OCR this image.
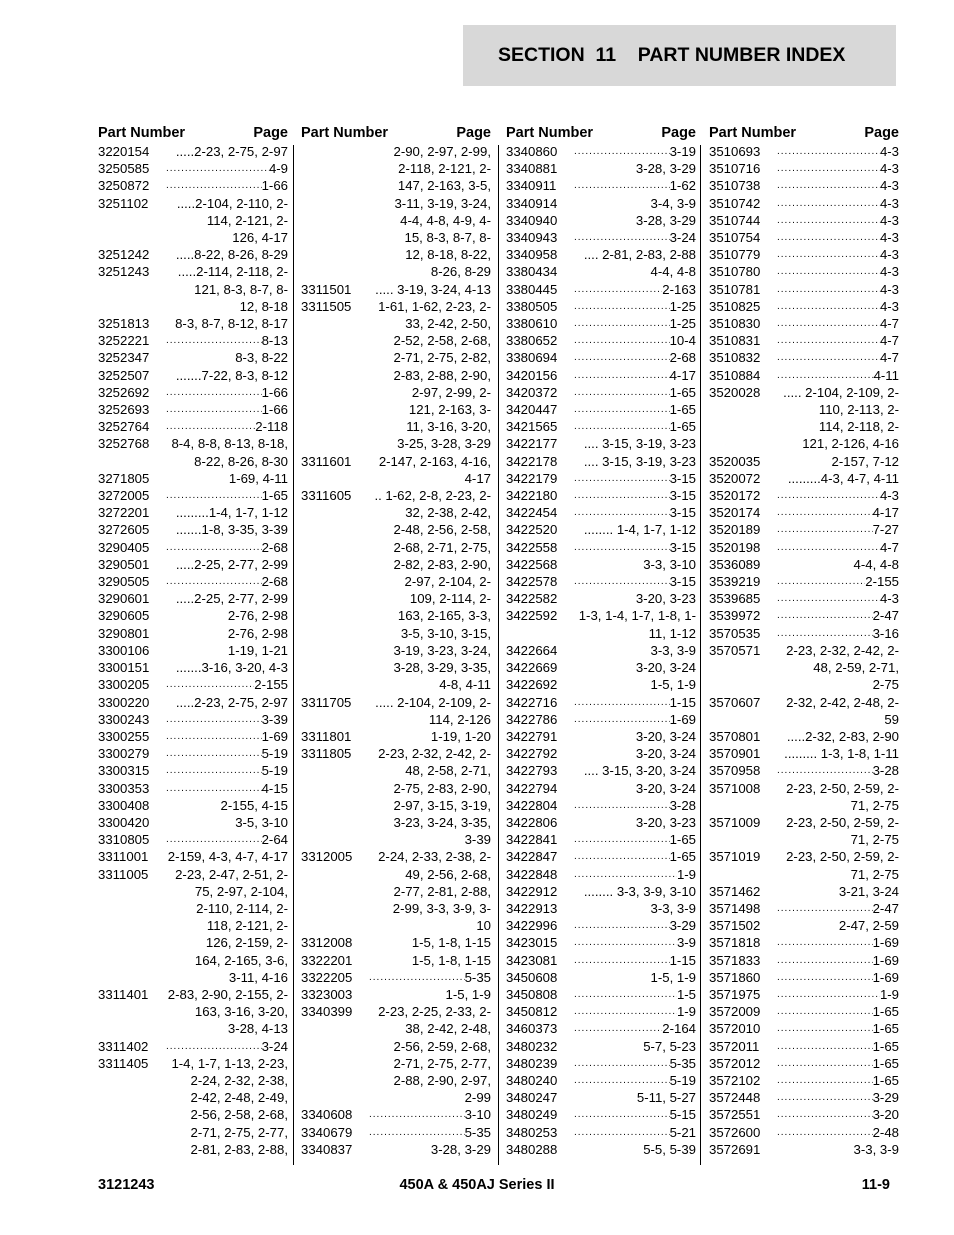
SECTION  11    PART NUMBER INDEX
Part Number	Page
3220154	.....2-23, 2-75, 2-97
3250585 .....	4-9
3250872 .....	1-66
3251102	.....2-104, 2-110, 2-
114, 2-121, 2-
126, 4-17
3251242	.....8-22, 8-26, 8-29
3251243	.....2-114, 2-118, 2-
121, 8-3, 8-7, 8-
12, 8-18
3251813	8-3, 8-7, 8-12, 8-17
3252221 .....	8-13
3252347	8-3, 8-22
3252507	.......7-22, 8-3, 8-12
3252692 .....	1-66
3252693 .....	1-66
3252764 .....	2-118
3252768	8-4, 8-8, 8-13, 8-18,
8-22, 8-26, 8-30
3271805	1-69, 4-11
3272005 .....	1-65
3272201	.........1-4, 1-7, 1-12
3272605	.......1-8, 3-35, 3-39
3290405 .....	2-68
3290501	.....2-25, 2-77, 2-99
3290505 .....	2-68
3290601	.....2-25, 2-77, 2-99
3290605	2-76, 2-98
3290801	2-76, 2-98
3300106	1-19, 1-21
3300151	.......3-16, 3-20, 4-3
3300205 .....	2-155
3300220	.....2-23, 2-75, 2-97
3300243 .....	3-39
3300255 .....	1-69
3300279 .....	5-19
3300315 .....	5-19
3300353 .....	4-15
3300408	2-155, 4-15
3300420	3-5, 3-10
3310805 .....	2-64
3311001	2-159, 4-3, 4-7, 4-17
3311005	2-23, 2-47, 2-51, 2-
75, 2-97, 2-104,
2-110, 2-114, 2-
118, 2-121, 2-
126, 2-159, 2-
164, 2-165, 3-6,
3-11, 4-16
3311401	2-83, 2-90, 2-155, 2-
163, 3-16, 3-20,
3-28, 4-13
3311402 .....	3-24
3311405	1-4, 1-7, 1-13, 2-23,
2-24, 2-32, 2-38,
2-42, 2-48, 2-49,
2-56, 2-58, 2-68,
2-71, 2-75, 2-77,
2-81, 2-83, 2-88,
Part Number	Page
2-90, 2-97, 2-99,
2-118, 2-121, 2-
147, 2-163, 3-5,
3-11, 3-19, 3-24,
4-4, 4-8, 4-9, 4-
15, 8-3, 8-7, 8-
12, 8-18, 8-22,
8-26, 8-29
3311501	..... 3-19, 3-24, 4-13
3311505	1-61, 1-62, 2-23, 2-
33, 2-42, 2-50,
2-52, 2-58, 2-68,
2-71, 2-75, 2-82,
2-83, 2-88, 2-90,
2-97, 2-99, 2-
121, 2-163, 3-
11, 3-16, 3-20,
3-25, 3-28, 3-29
3311601	2-147, 2-163, 4-16,
4-17
3311605	.. 1-62, 2-8, 2-23, 2-
32, 2-38, 2-42,
2-48, 2-56, 2-58,
2-68, 2-71, 2-75,
2-82, 2-83, 2-90,
2-97, 2-104, 2-
109, 2-114, 2-
163, 2-165, 3-3,
3-5, 3-10, 3-15,
3-19, 3-23, 3-24,
3-28, 3-29, 3-35,
4-8, 4-11
3311705	..... 2-104, 2-109, 2-
114, 2-126
3311801	1-19, 1-20
3311805	2-23, 2-32, 2-42, 2-
48, 2-58, 2-71,
2-75, 2-83, 2-90,
2-97, 3-15, 3-19,
3-23, 3-24, 3-35,
3-39
3312005	2-24, 2-33, 2-38, 2-
49, 2-56, 2-68,
2-77, 2-81, 2-88,
2-99, 3-3, 3-9, 3-
10
3312008	1-5, 1-8, 1-15
3322201	1-5, 1-8, 1-15
3322205 .....	5-35
3323003	1-5, 1-9
3340399	2-23, 2-25, 2-33, 2-
38, 2-42, 2-48,
2-56, 2-59, 2-68,
2-71, 2-75, 2-77,
2-88, 2-90, 2-97,
2-99
3340608 .....	3-10
3340679 .....	5-35
3340837	3-28, 3-29
Part Number	Page
3340860 .....	3-19
3340881	3-28, 3-29
3340911 .....	1-62
3340914	3-4, 3-9
3340940	3-28, 3-29
3340943 .....	3-24
3340958	.... 2-81, 2-83, 2-88
3380434	4-4, 4-8
3380445 .....	2-163
3380505 .....	1-25
3380610 .....	1-25
3380652 .....	10-4
3380694 .....	2-68
3420156 .....	4-17
3420372 .....	1-65
3420447 .....	1-65
3421565 .....	1-65
3422177	.... 3-15, 3-19, 3-23
3422178	.... 3-15, 3-19, 3-23
3422179 .....	3-15
3422180 .....	3-15
3422454 .....	3-15
3422520	........ 1-4, 1-7, 1-12
3422558 .....	3-15
3422568	3-3, 3-10
3422578 .....	3-15
3422582	3-20, 3-23
3422592	1-3, 1-4, 1-7, 1-8, 1-
11, 1-12
3422664	3-3, 3-9
3422669	3-20, 3-24
3422692	1-5, 1-9
3422716 .....	1-15
3422786 .....	1-69
3422791	3-20, 3-24
3422792	3-20, 3-24
3422793	.... 3-15, 3-20, 3-24
3422794	3-20, 3-24
3422804 .....	3-28
3422806	3-20, 3-23
3422841 .....	1-65
3422847 .....	1-65
3422848 .....	1-9
3422912	........ 3-3, 3-9, 3-10
3422913	3-3, 3-9
3422996 .....	3-29
3423015 .....	3-9
3423081 .....	1-15
3450608	1-5, 1-9
3450808 .....	1-5
3450812 .....	1-9
3460373 .....	2-164
3480232	5-7, 5-23
3480239 .....	5-35
3480240 .....	5-19
3480247	5-11, 5-27
3480249 .....	5-15
3480253 .....	5-21
3480288	5-5, 5-39
Part Number	Page
3510693 .....	4-3
3510716 .....	4-3
3510738 .....	4-3
3510742 .....	4-3
3510744 .....	4-3
3510754 .....	4-3
3510779 .....	4-3
3510780 .....	4-3
3510781 .....	4-3
3510825 .....	4-3
3510830 .....	4-7
3510831 .....	4-7
3510832 .....	4-7
3510884 .....	4-11
3520028	..... 2-104, 2-109, 2-
110, 2-113, 2-
114, 2-118, 2-
121, 2-126, 4-16
3520035	2-157, 7-12
3520072	.........4-3, 4-7, 4-11
3520172 .....	4-3
3520174 .....	4-17
3520189 .....	7-27
3520198 .....	4-7
3536089	4-4, 4-8
3539219 .....	2-155
3539685 .....	4-3
3539972 .....	2-47
3570535 .....	3-16
3570571	2-23, 2-32, 2-42, 2-
48, 2-59, 2-71,
2-75
3570607	2-32, 2-42, 2-48, 2-
59
3570801	.....2-32, 2-83, 2-90
3570901	......... 1-3, 1-8, 1-11
3570958 .....	3-28
3571008	2-23, 2-50, 2-59, 2-
71, 2-75
3571009	2-23, 2-50, 2-59, 2-
71, 2-75
3571019	2-23, 2-50, 2-59, 2-
71, 2-75
3571462	3-21, 3-24
3571498 .....	2-47
3571502	2-47, 2-59
3571818 .....	1-69
3571833 .....	1-69
3571860 .....	1-69
3571975 .....	1-9
3572009 .....	1-65
3572010 .....	1-65
3572011 .....	1-65
3572012 .....	1-65
3572102 .....	1-65
3572448 .....	3-29
3572551 .....	3-20
3572600 .....	2-48
3572691	3-3, 3-9
3121243	450A & 450AJ Series II	11-9
